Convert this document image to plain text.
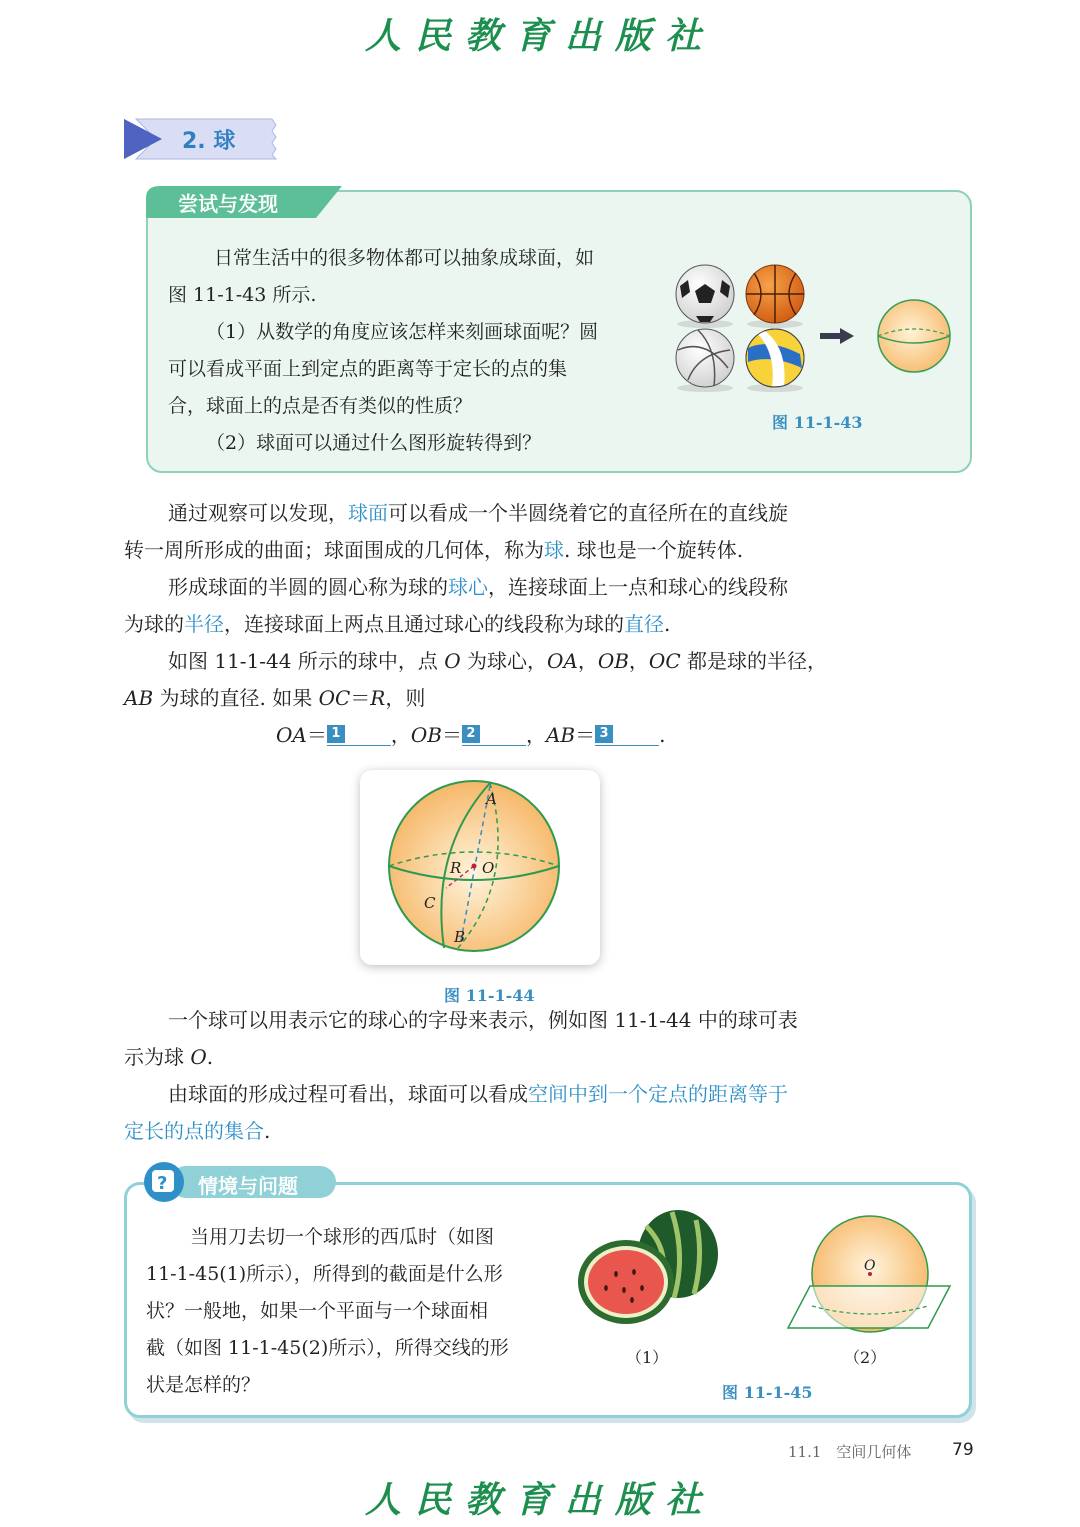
人民教育出版社
2. 球
尝试与发现
日常生活中的很多物体都可以抽象成球面，如
图 11-1-43 所示.
（1）从数学的角度应该怎样来刻画球面呢？圆
可以看成平面上到定点的距离等于定长的点的集
合，球面上的点是否有类似的性质？
（2）球面可以通过什么图形旋转得到？
图 11-1-43
通过观察可以发现，球面可以看成一个半圆绕着它的直径所在的直线旋
转一周所形成的曲面；球面围成的几何体，称为球. 球也是一个旋转体.
形成球面的半圆的圆心称为球的球心，连接球面上一点和球心的线段称
为球的半径，连接球面上两点且通过球心的线段称为球的直径.
如图 11-1-44 所示的球中，点 O 为球心，OA，OB，OC 都是球的半径，
AB 为球的直径. 如果 OC＝R，则
OA＝ 1	，OB＝ 2	，AB＝ 3	.
A
B
C
O
R
图 11-1-44
一个球可以用表示它的球心的字母来表示，例如图 11-1-44 中的球可表
示为球 O.
由球面的形成过程可看出，球面可以看成空间中到一个定点的距离等于
定长的点的集合.
? 情境与问题
当用刀去切一个球形的西瓜时（如图
11-1-45(1)所示），所得到的截面是什么形
状？一般地，如果一个平面与一个球面相
截（如图 11-1-45(2)所示），所得交线的形
状是怎样的？
（1）
O
（2）
图 11-1-45
11.1　空间几何体 79
人民教育出版社
